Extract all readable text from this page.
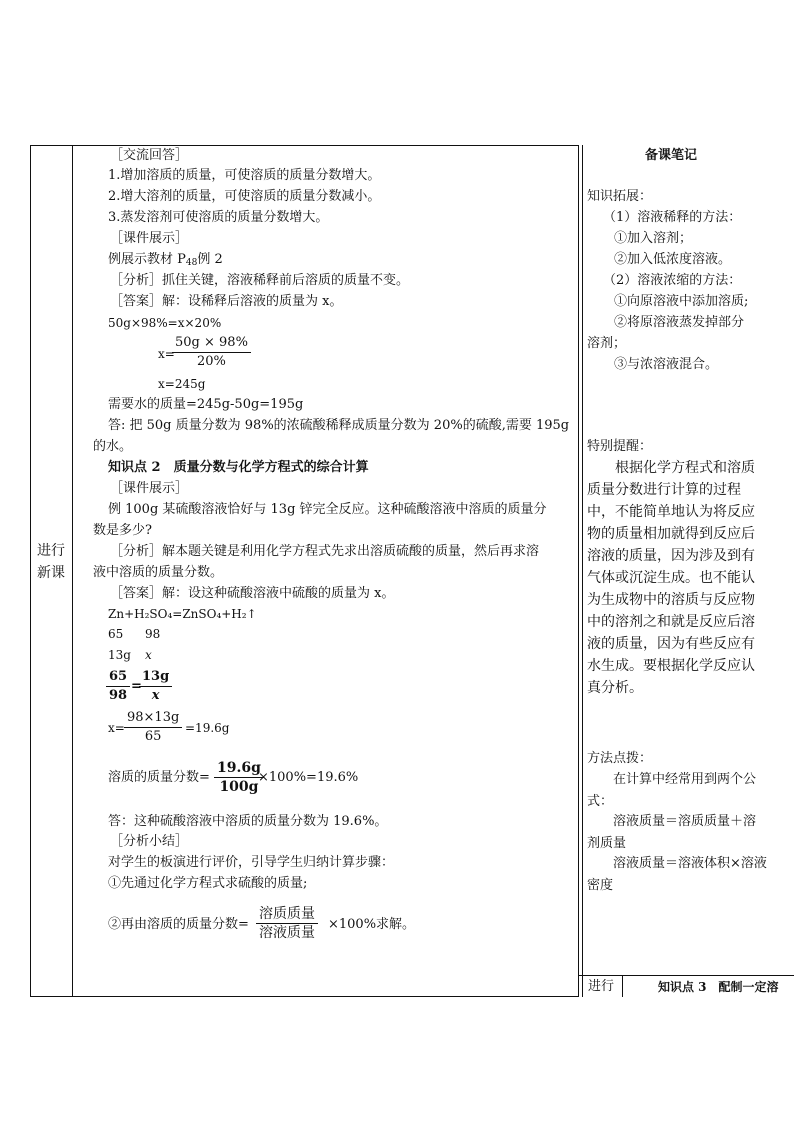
进行
新课
［交流回答］
1.增加溶质的质量，可使溶质的质量分数增大。
2.增大溶剂的质量，可使溶质的质量分数减小。
3.蒸发溶剂可使溶质的质量分数增大。
［课件展示］
例展示教材 $P_{48}$例 2
［分析］抓住关键，溶液稀释前后溶质的质量不变。
［答案］解：设稀释后溶液的质量为 x。
50g×98%=x×20%
x=
$\frac{50g \times 98\%}{20\%}$
x=245g
需要水的质量=245g-50g=195g
答: 把 50g 质量分数为 98%的浓硫酸稀释成质量分数为 20%的硫酸,需要 195g
的水。
知识点 2　质量分数与化学方程式的综合计算
［课件展示］
例 100g 某硫酸溶液恰好与 13g 锌完全反应。这种硫酸溶液中溶质的质量分
数是多少?
［分析］解本题关键是利用化学方程式先求出溶质硫酸的质量，然后再求溶
液中溶质的质量分数。
［答案］解：设这种硫酸溶液中硫酸的质量为 x。
Zn+H₂SO₄=ZnSO₄+H₂↑
65 98
13g x
$\frac{65}{98}$ =
$\frac{13g}{x}$
$x= \frac{98\times 13g}{65} =19.6g$
溶质的质量分数= $\frac{19.6g}{100g}$
×100%=19.6%
答：这种硫酸溶液中溶质的质量分数为 19.6%。
［分析小结］
对学生的板演进行评价，引导学生归纳计算步骤：
①先通过化学方程式求硫酸的质量;
②再由溶质的质量分数=
溶质质量
溶液质量
×100%求解。
备课笔记
知识拓展：
（1）溶液稀释的方法：
①加入溶剂；
②加入低浓度溶液。
（2）溶液浓缩的方法：
①向原溶液中添加溶质;
②将原溶液蒸发掉部分
溶剂；
③与浓溶液混合。
特别提醒：
　　根据化学方程式和溶质质量分数进行计算的过程中，不能简单地认为将反应物的质量相加就得到反应后溶液的质量，因为涉及到有气体或沉淀生成。也不能认为生成物中的溶质与反应物中的溶剂之和就是反应后溶液的质量，因为有些反应有水生成。要根据化学反应认真分析。
方法点拨：
　　在计算中经常用到两个公式：
　　溶液质量＝溶质质量＋溶剂质量
　　溶液质量＝溶液体积×溶液密度
进行	知识点 3　配制一定溶
